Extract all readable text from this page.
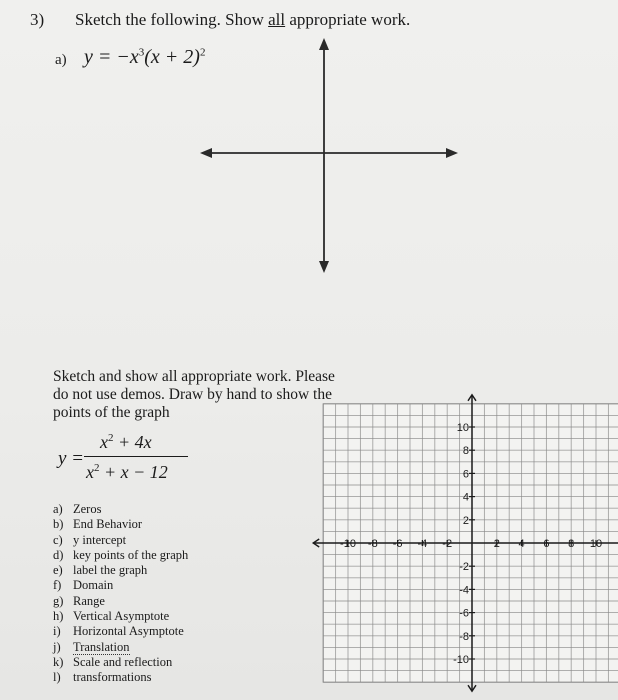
3) Sketch the following. Show all appropriate work.
a) $y = -x^3(x + 2)^2$
Sketch and show all appropriate work. Please
do not use demos. Draw by hand to show the
points of the graph
y =
$x^2 + 4x$
$x^2 + x - 12$
a) Zeros
b) End Behavior
c) y intercept
d) key points of the graph
e) label the graph
f) Domain
g) Range
h) Vertical Asymptote
i) Horizontal Asymptote
j) Translation
k) Scale and reflection
l) transformations
-10 -8 -6 -4 -2	2 4 6 8 10
10
8
6
4
2
-2
-4
-6
-8
-10
